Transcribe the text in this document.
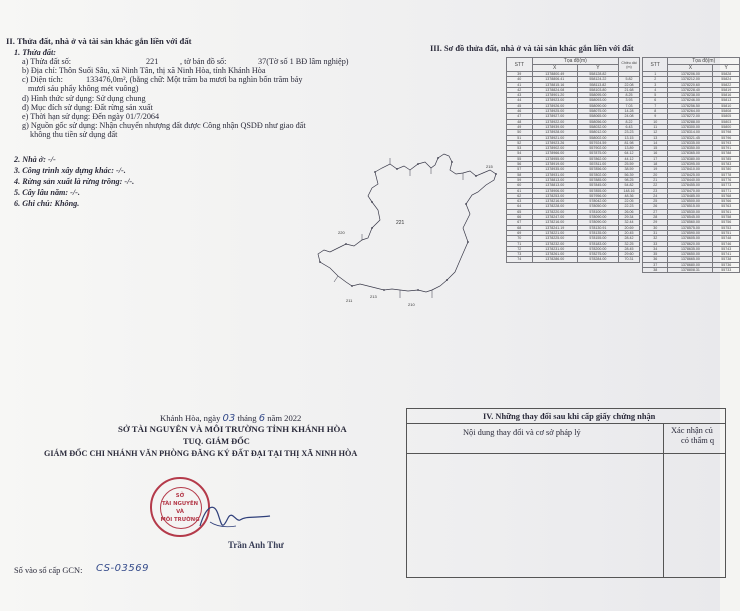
II. Thửa đất, nhà ở và tài sản khác gắn liền với đất
1. Thửa đất:
a) Thửa đất số:	221	, tờ bản đồ số:	37(Tờ số 1 BĐ lâm nghiệp)
b) Địa chỉ: Thôn Suối Sâu, xã Ninh Tân, thị xã Ninh Hòa, tỉnh Khánh Hòa
c) Diện tích:	133476,0m², (bằng chữ: Một trăm ba mươi ba nghìn bốn trăm bảy
mươi sáu phẩy không mét vuông)
d) Hình thức sử dụng: Sử dụng chung
đ) Mục đích sử dụng: Đất rừng sản xuất
e) Thời hạn sử dụng: Đến ngày 01/7/2064
g) Nguồn gốc sử dụng: Nhận chuyển nhượng đất được Công nhận QSDĐ như giao đất
không thu tiền sử dụng đất
2. Nhà ở: -/-
3. Công trình xây dựng khác: -/-.
4. Rừng sản xuất là rừng trồng: -/-.
5. Cây lâu năm: -/-.
6. Ghi chú: Không.
III. Sơ đồ thửa đất, nhà ở và tài sản khác gắn liền với đất
221
220
215
213
211
210
STT	Tọa độ(m)		Chiều dài (m)
	X	Y	
39	1378800.49	558128.82	
40	1378806.41	558124.22	5.82
41	1378815.16	558113.82	22.08
42	1378824.08	558103.80	21.68
43	1378901.20	558095.00	8.25
44	1378923.00	558093.00	3.93
45	1378926.00	558090.00	7.03
46	1378925.00	558075.00	14.28
47	1378927.00	558065.00	24.08
48	1378922.00	558056.00	8.22
49	1378939.00	558032.00	6.43
50	1378928.00	558012.00	23.23
51	1378921.00	558002.00	13.15
52	1378923.26	557924.59	81.98
53	1378902.00	557902.00	13.89
54	1378966.00	557875.00	64.12
55	1378955.00	557862.00	44.12
56	1378919.00	557811.00	25.59
57	1378935.00	557856.00	38.59
58	1378931.00	557802.00	56.39
59	1378813.00	557885.00	98.25
60	1378813.00	557845.00	54.82
61	1378906.00	557855.00	148.16
62	1378253.00	557956.00	48.36
63	1378216.00	578042.00	22.05
64	1378228.00	578050.00	22.23
65	1378220.00	578100.00	26.06
66	1378247.00	578090.00	29.34
67	1378216.00	578090.00	32.44
68	1378241.19	578130.91	20.69
69	1378221.00	578135.00	20.45
70	1378225.00	578155.00	28.42
71	1378232.00	578183.00	32.25
72	1378231.00	578200.00	28.45
73	1378261.00	578275.00	29.60
74	1378286.00	578284.00	70.31
STT	Tọa độ(m)	
	X	Y
1	1378206.00	55828
2	1378212.00	55824
3	1378220.60	55822
4	1378228.40	55819
5	1378238.00	55816
6	1378246.00	55813
7	1378256.50	55810
8	1378264.00	55808
9	1378272.00	55805
10	1378288.00	55803
11	1378300.00	55800
12	1378314.00	55798
13	1378321.45	55796
14	1378335.00	55793
15	1378350.00	55791
16	1378365.00	55788
17	1378380.00	55785
18	1378395.00	55783
19	1378410.00	55780
20	1378425.00	55778
21	1378440.00	55776
22	1378455.00	55773
23	1378470.00	55771
24	1378485.00	55768
25	1378500.00	55766
26	1378515.00	55763
27	1378530.00	55761
28	1378545.00	55758
29	1378560.00	55756
30	1378575.00	55753
31	1378590.00	55751
32	1378605.00	55748
33	1378620.00	55746
34	1378635.00	55743
35	1378650.00	55741
36	1378665.00	55738
37	1378680.00	55736
38	1378808.31	55733
Khánh Hòa, ngày 03 tháng 6 năm 2022
SỞ TÀI NGUYÊN VÀ MÔI TRƯỜNG TỈNH KHÁNH HÒA
TUQ. GIÁM ĐỐC
GIÁM ĐỐC CHI NHÁNH VĂN PHÒNG ĐĂNG KÝ ĐẤT ĐẠI TẠI THỊ XÃ NINH HÒA
SỞ
TÀI NGUYÊN
VÀ
MÔI TRƯỜNG
Trần Anh Thư
Số vào sổ cấp GCN: CS-03569
IV. Những thay đổi sau khi cấp giấy chứng nhận
Nội dung thay đổi và cơ sở pháp lý	Xác nhận củ
cỏ thẩm q
